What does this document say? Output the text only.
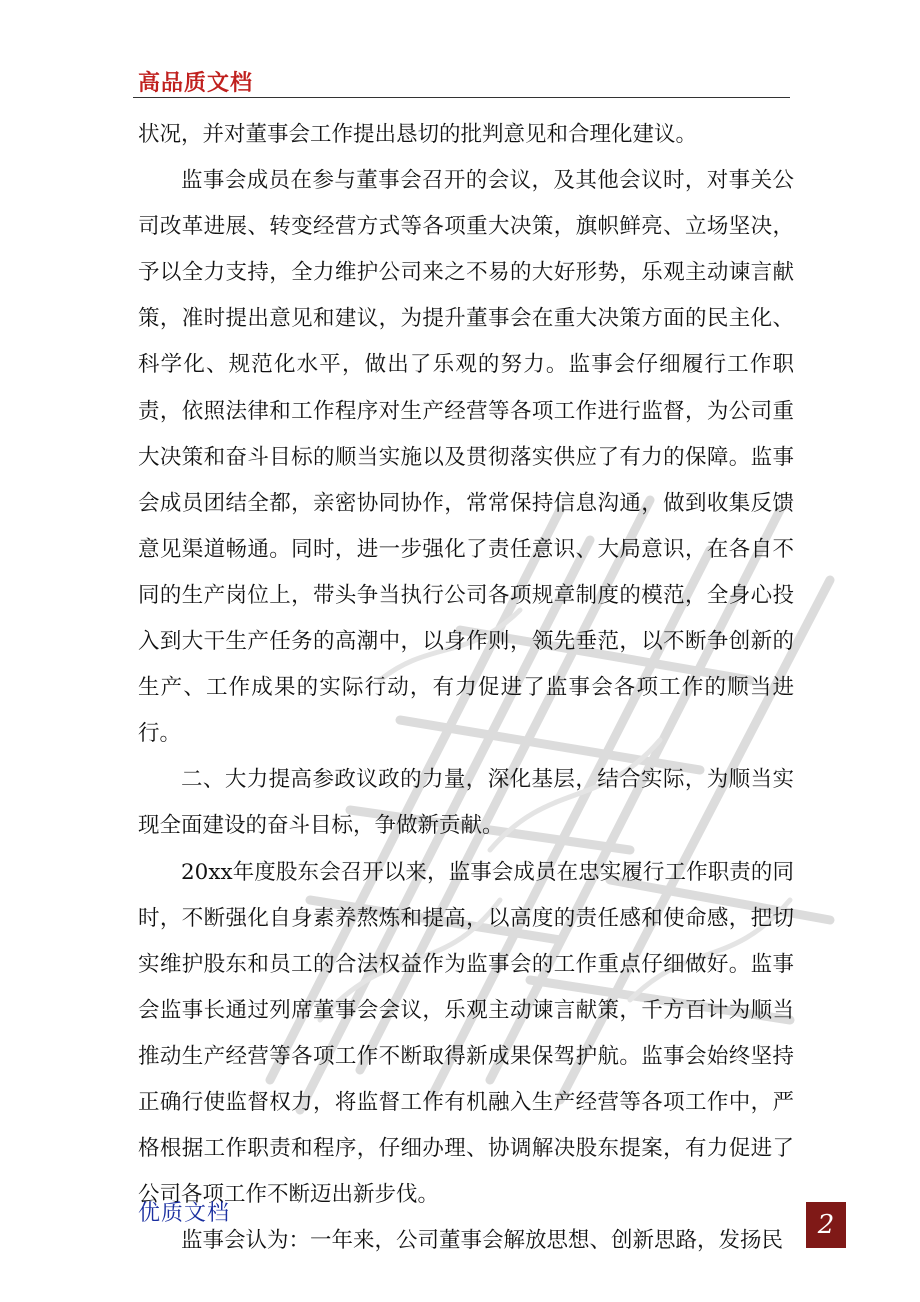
高品质文档

状况，并对董事会工作提出恳切的批判意见和合理化建议。

监事会成员在参与董事会召开的会议，及其他会议时，对事关公司改革进展、转变经营方式等各项重大决策，旗帜鲜亮、立场坚决，予以全力支持，全力维护公司来之不易的大好形势，乐观主动谏言献策，准时提出意见和建议，为提升董事会在重大决策方面的民主化、科学化、规范化水平，做出了乐观的努力。监事会仔细履行工作职责，依照法律和工作程序对生产经营等各项工作进行监督，为公司重大决策和奋斗目标的顺当实施以及贯彻落实供应了有力的保障。监事会成员团结全都，亲密协同协作，常常保持信息沟通，做到收集反馈意见渠道畅通。同时，进一步强化了责任意识、大局意识，在各自不同的生产岗位上，带头争当执行公司各项规章制度的模范，全身心投入到大干生产任务的高潮中，以身作则，领先垂范，以不断争创新的生产、工作成果的实际行动，有力促进了监事会各项工作的顺当进行。

二、大力提高参政议政的力量，深化基层，结合实际，为顺当实现全面建设的奋斗目标，争做新贡献。

20xx年度股东会召开以来，监事会成员在忠实履行工作职责的同时，不断强化自身素养熬炼和提高，以高度的责任感和使命感，把切实维护股东和员工的合法权益作为监事会的工作重点仔细做好。监事会监事长通过列席董事会会议，乐观主动谏言献策，千方百计为顺当推动生产经营等各项工作不断取得新成果保驾护航。监事会始终坚持正确行使监督权力，将监督工作有机融入生产经营等各项工作中，严格根据工作职责和程序，仔细办理、协调解决股东提案，有力促进了公司各项工作不断迈出新步伐。

监事会认为：一年来，公司董事会解放思想、创新思路，发扬民

优质文档	2
